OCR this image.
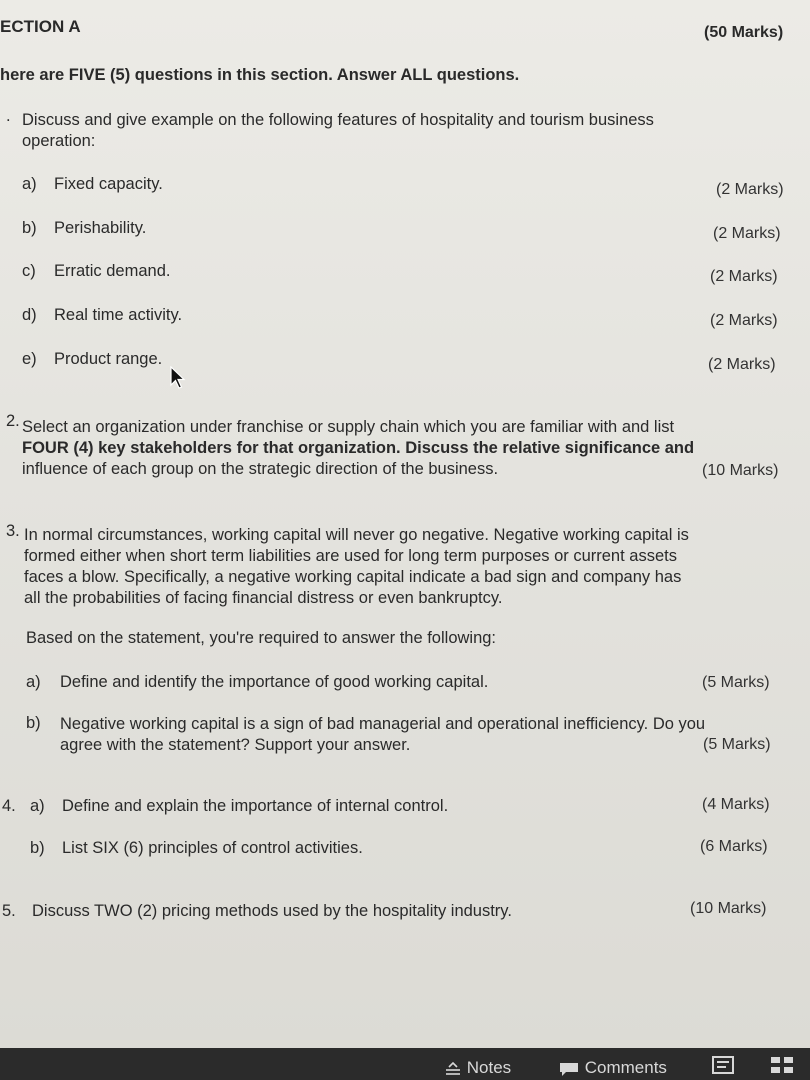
ECTION A	(50 Marks)
here are FIVE (5) questions in this section. Answer ALL questions.
. Discuss and give example on the following features of hospitality and tourism business
operation:
a) Fixed capacity.	(2 Marks)
b) Perishability.	(2 Marks)
c) Erratic demand.	(2 Marks)
d) Real time activity.	(2 Marks)
e) Product range.	(2 Marks)
2. Select an organization under franchise or supply chain which you are familiar with and list
FOUR (4) key stakeholders for that organization. Discuss the relative significance and
influence of each group on the strategic direction of the business.	(10 Marks)
3. In normal circumstances, working capital will never go negative. Negative working capital is
formed either when short term liabilities are used for long term purposes or current assets
faces a blow. Specifically, a negative working capital indicate a bad sign and company has
all the probabilities of facing financial distress or even bankruptcy.
Based on the statement, you're required to answer the following:
a) Define and identify the importance of good working capital.	(5 Marks)
b) Negative working capital is a sign of bad managerial and operational inefficiency. Do you
agree with the statement? Support your answer.	(5 Marks)
4. a) Define and explain the importance of internal control.	(4 Marks)
b) List SIX (6) principles of control activities.	(6 Marks)
5. Discuss TWO (2) pricing methods used by the hospitality industry.	(10 Marks)
Notes	Comments
